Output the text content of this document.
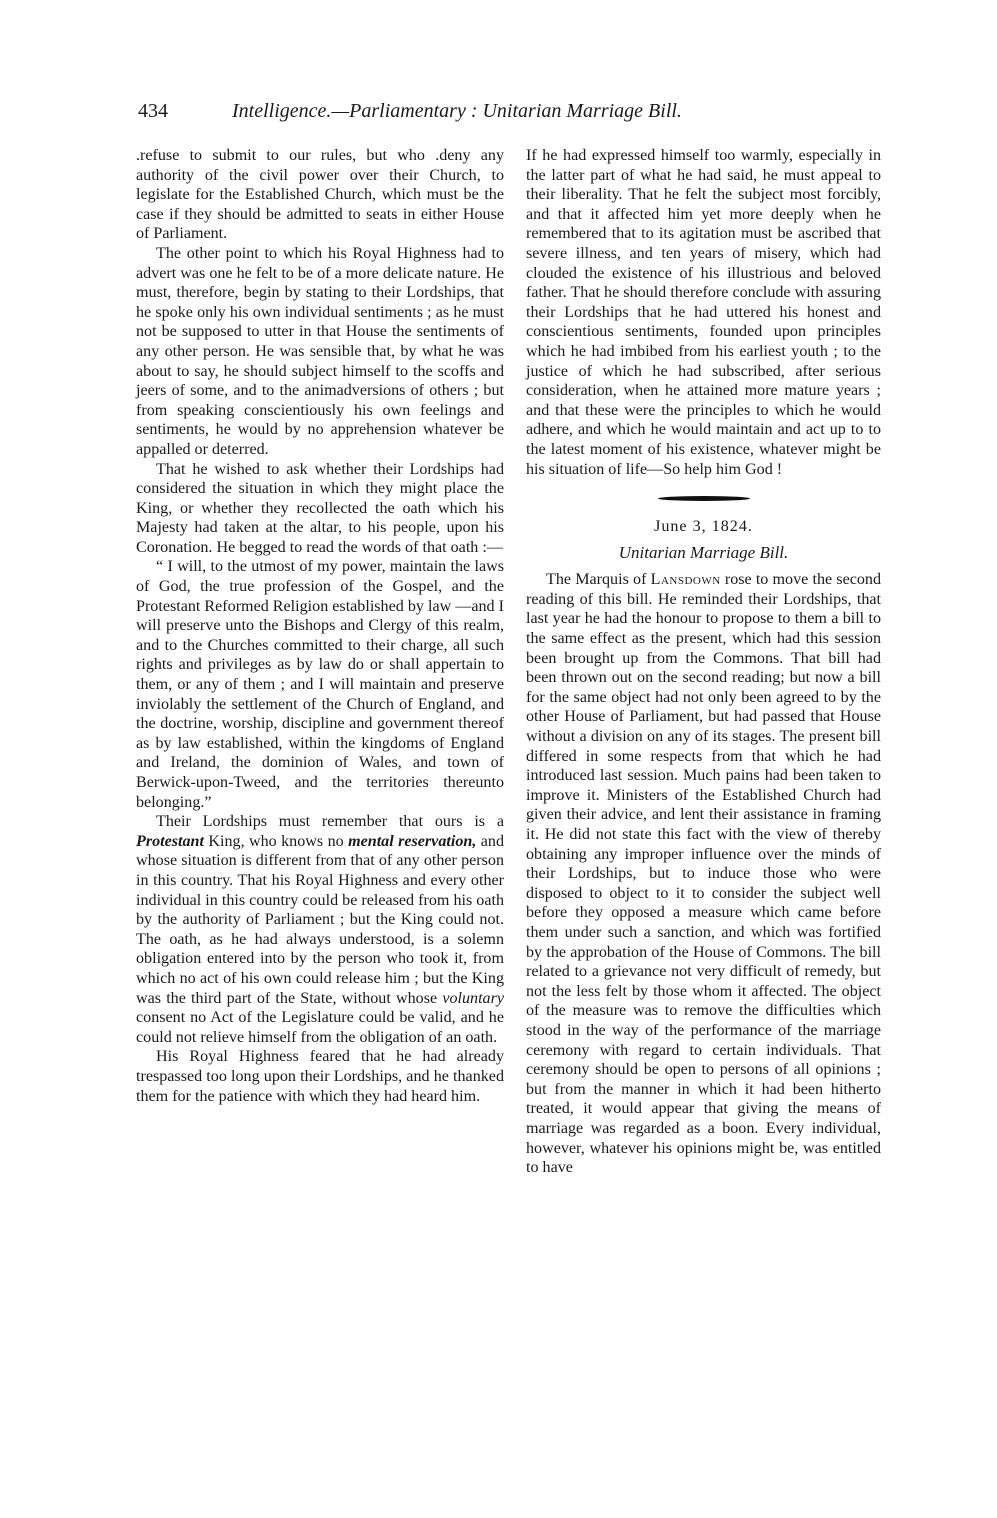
434	Intelligence.—Parliamentary : Unitarian Marriage Bill.

.refuse to submit to our rules, but who .deny any authority of the civil power over their Church, to legislate for the Established Church, which must be the case if they should be admitted to seats in either House of Parliament.

The other point to which his Royal Highness had to advert was one he felt to be of a more delicate nature. He must, therefore, begin by stating to their Lordships, that he spoke only his own individual sentiments ; as he must not be supposed to utter in that House the sentiments of any other person. He was sensible that, by what he was about to say, he should subject himself to the scoffs and jeers of some, and to the animadversions of others ; but from speaking conscientiously his own feelings and sentiments, he would by no apprehension whatever be appalled or deterred.

That he wished to ask whether their Lordships had considered the situation in which they might place the King, or whether they recollected the oath which his Majesty had taken at the altar, to his people, upon his Coronation. He begged to read the words of that oath :—

“ I will, to the utmost of my power, maintain the laws of God, the true profession of the Gospel, and the Protestant Reformed Religion established by law —and I will preserve unto the Bishops and Clergy of this realm, and to the Churches committed to their charge, all such rights and privileges as by law do or shall appertain to them, or any of them ; and I will maintain and preserve inviolably the settlement of the Church of England, and the doctrine, worship, discipline and government thereof as by law established, within the kingdoms of England and Ireland, the dominion of Wales, and town of Berwick-upon-Tweed, and the territories thereunto belonging.”

Their Lordships must remember that ours is a Protestant King, who knows no mental reservation, and whose situation is different from that of any other person in this country. That his Royal Highness and every other individual in this country could be released from his oath by the authority of Parliament ; but the King could not. The oath, as he had always understood, is a solemn obligation entered into by the person who took it, from which no act of his own could release him ; but the King was the third part of the State, without whose voluntary consent no Act of the Legislature could be valid, and he could not relieve himself from the obligation of an oath.

His Royal Highness feared that he had already trespassed too long upon their Lordships, and he thanked them for the patience with which they had heard him.

If he had expressed himself too warmly, especially in the latter part of what he had said, he must appeal to their liberality. That he felt the subject most forcibly, and that it affected him yet more deeply when he remembered that to its agitation must be ascribed that severe illness, and ten years of misery, which had clouded the existence of his illustrious and beloved father. That he should therefore conclude with assuring their Lordships that he had uttered his honest and conscientious sentiments, founded upon principles which he had imbibed from his earliest youth ; to the justice of which he had subscribed, after serious consideration, when he attained more mature years ; and that these were the principles to which he would adhere, and which he would maintain and act up to to the latest moment of his existence, whatever might be his situation of life—So help him God !

June 3, 1824.
Unitarian Marriage Bill.

The Marquis of Lansdown rose to move the second reading of this bill. He reminded their Lordships, that last year he had the honour to propose to them a bill to the same effect as the present, which had this session been brought up from the Commons. That bill had been thrown out on the second reading; but now a bill for the same object had not only been agreed to by the other House of Parliament, but had passed that House without a division on any of its stages. The present bill differed in some respects from that which he had introduced last session. Much pains had been taken to improve it. Ministers of the Established Church had given their advice, and lent their assistance in framing it. He did not state this fact with the view of thereby obtaining any improper influence over the minds of their Lordships, but to induce those who were disposed to object to it to consider the subject well before they opposed a measure which came before them under such a sanction, and which was fortified by the approbation of the House of Commons. The bill related to a grievance not very difficult of remedy, but not the less felt by those whom it affected. The object of the measure was to remove the difficulties which stood in the way of the performance of the marriage ceremony with regard to certain individuals. That ceremony should be open to persons of all opinions ; but from the manner in which it had been hitherto treated, it would appear that giving the means of marriage was regarded as a boon. Every individual, however, whatever his opinions might be, was entitled to have
